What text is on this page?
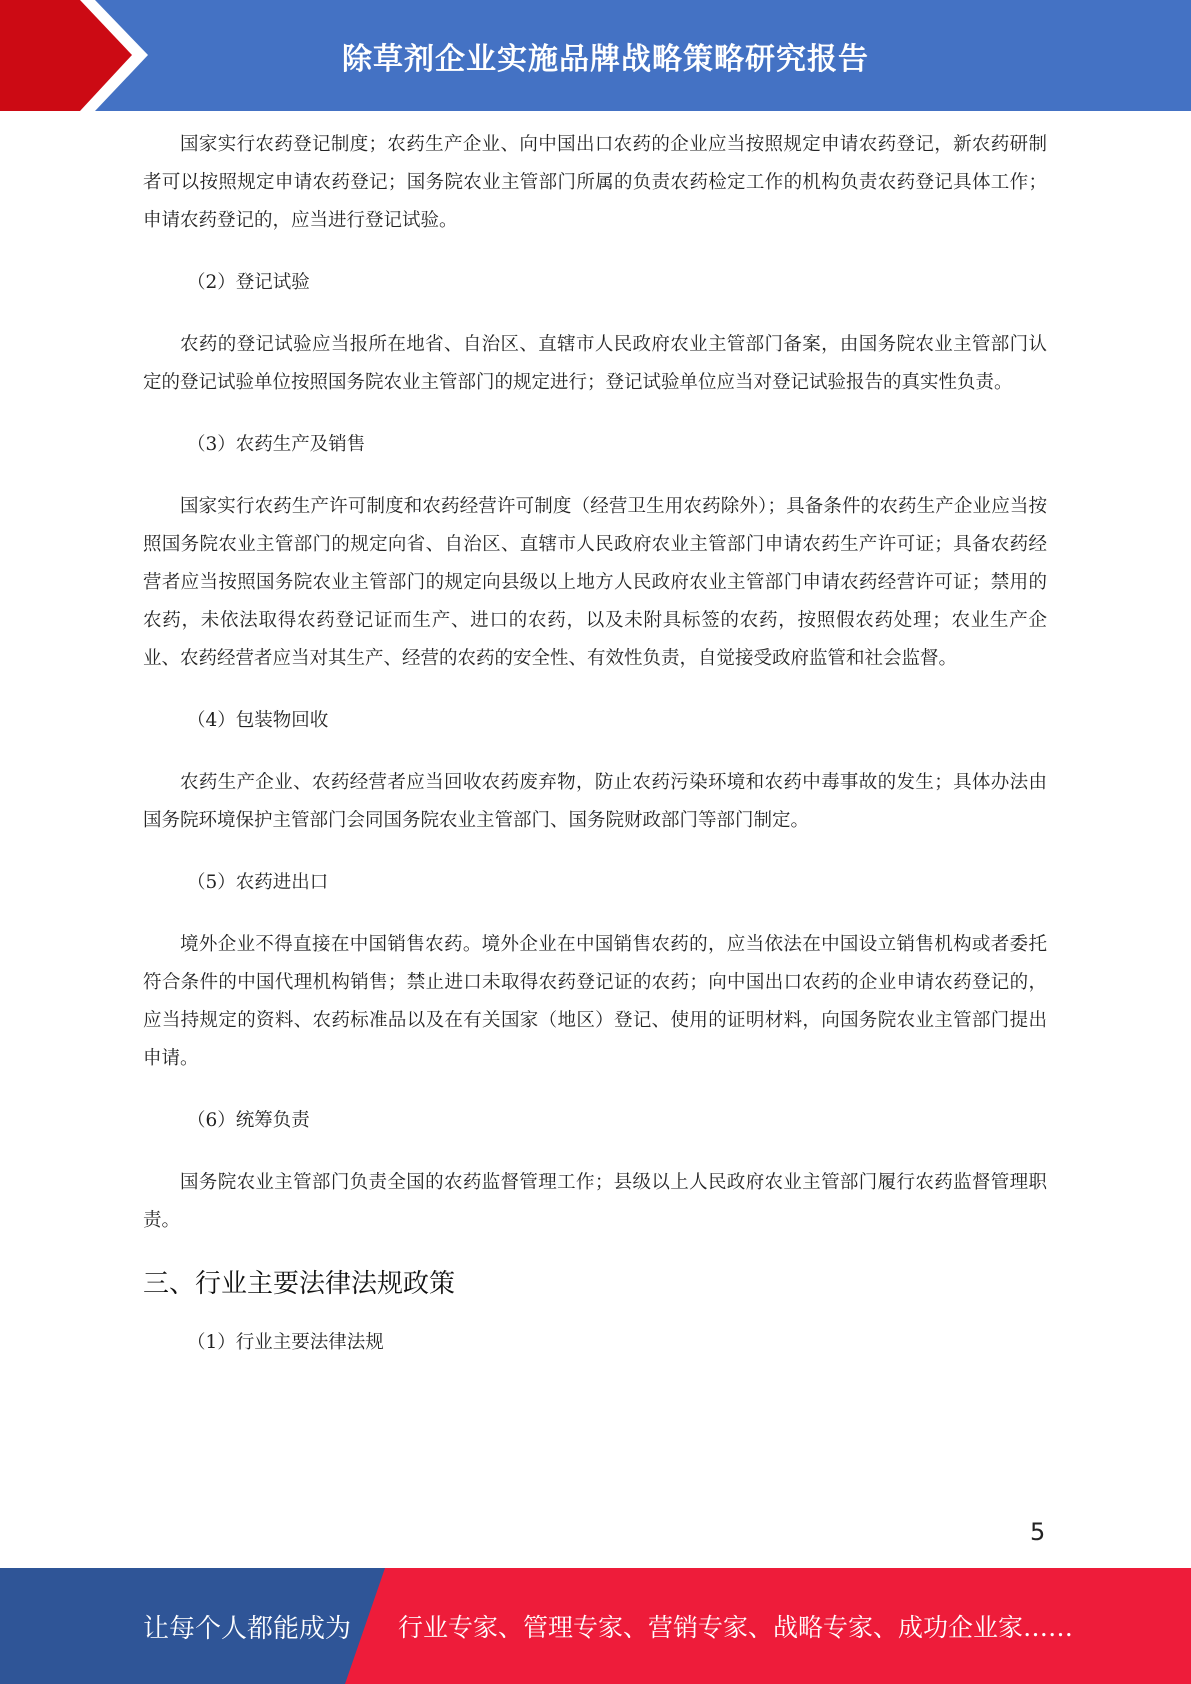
除草剂企业实施品牌战略策略研究报告

国家实行农药登记制度；农药生产企业、向中国出口农药的企业应当按照规定申请农药登记，新农药研制者可以按照规定申请农药登记；国务院农业主管部门所属的负责农药检定工作的机构负责农药登记具体工作；申请农药登记的，应当进行登记试验。

（2）登记试验

农药的登记试验应当报所在地省、自治区、直辖市人民政府农业主管部门备案，由国务院农业主管部门认定的登记试验单位按照国务院农业主管部门的规定进行；登记试验单位应当对登记试验报告的真实性负责。

（3）农药生产及销售

国家实行农药生产许可制度和农药经营许可制度（经营卫生用农药除外）；具备条件的农药生产企业应当按照国务院农业主管部门的规定向省、自治区、直辖市人民政府农业主管部门申请农药生产许可证；具备农药经营者应当按照国务院农业主管部门的规定向县级以上地方人民政府农业主管部门申请农药经营许可证；禁用的农药，未依法取得农药登记证而生产、进口的农药，以及未附具标签的农药，按照假农药处理；农业生产企业、农药经营者应当对其生产、经营的农药的安全性、有效性负责，自觉接受政府监管和社会监督。

（4）包装物回收

农药生产企业、农药经营者应当回收农药废弃物，防止农药污染环境和农药中毒事故的发生；具体办法由国务院环境保护主管部门会同国务院农业主管部门、国务院财政部门等部门制定。

（5）农药进出口

境外企业不得直接在中国销售农药。境外企业在中国销售农药的，应当依法在中国设立销售机构或者委托符合条件的中国代理机构销售；禁止进口未取得农药登记证的农药；向中国出口农药的企业申请农药登记的，应当持规定的资料、农药标准品以及在有关国家（地区）登记、使用的证明材料，向国务院农业主管部门提出申请。

（6）统筹负责

国务院农业主管部门负责全国的农药监督管理工作；县级以上人民政府农业主管部门履行农药监督管理职责。

三、行业主要法律法规政策

（1）行业主要法律法规

5
让每个人都能成为 行业专家、管理专家、营销专家、战略专家、成功企业家……
